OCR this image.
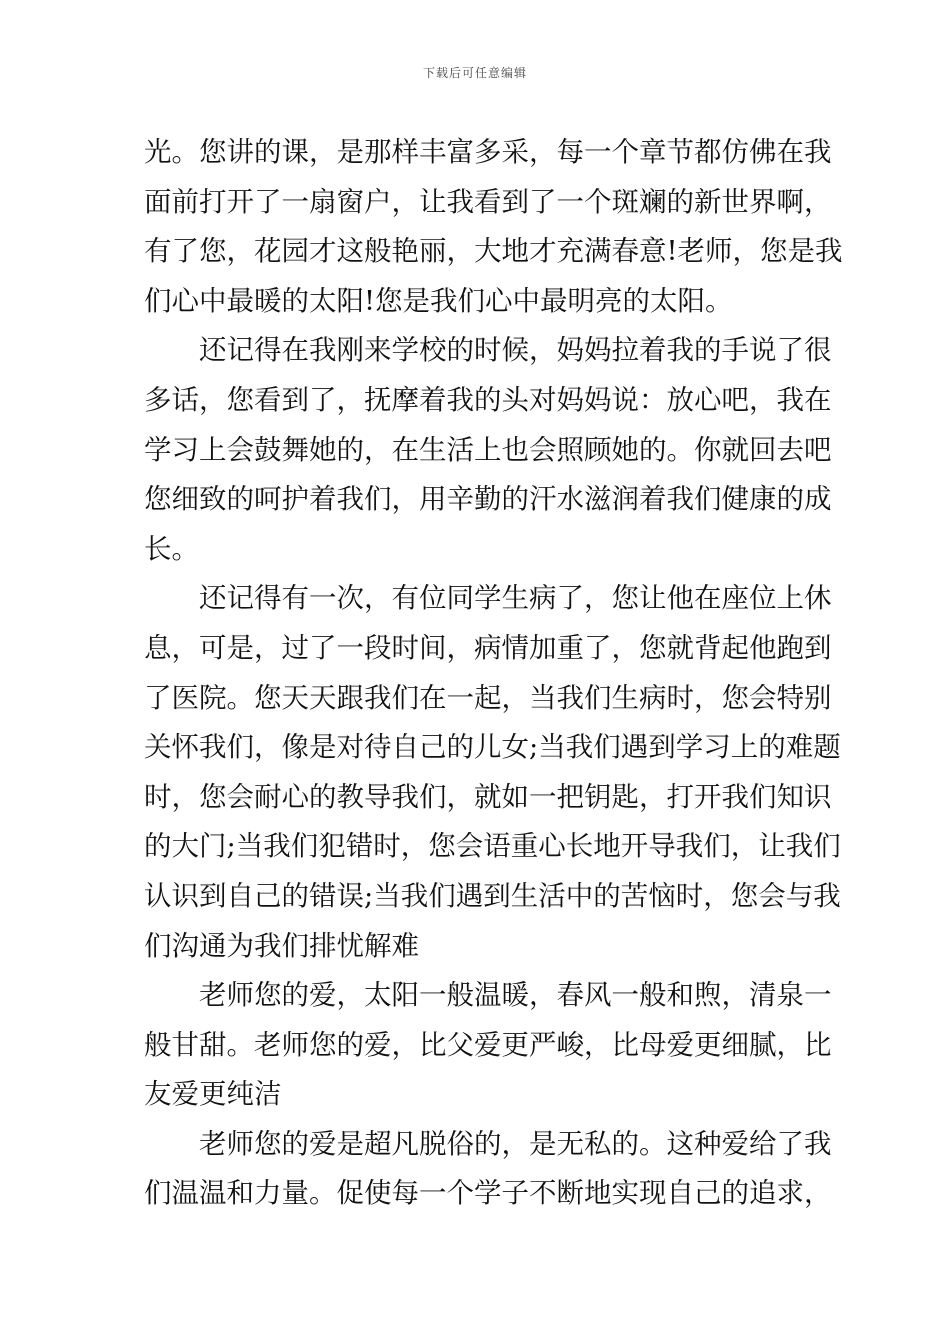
下载后可任意编辑
光。您讲的课，是那样丰富多采，每一个章节都仿佛在我
面前打开了一扇窗户，让我看到了一个斑斓的新世界啊，
有了您，花园才这般艳丽，大地才充满春意!老师，您是我
们心中最暖的太阳!您是我们心中最明亮的太阳。
还记得在我刚来学校的时候，妈妈拉着我的手说了很
多话，您看到了，抚摩着我的头对妈妈说：放心吧，我在
学习上会鼓舞她的，在生活上也会照顾她的。你就回去吧
您细致的呵护着我们，用辛勤的汗水滋润着我们健康的成
长。
还记得有一次，有位同学生病了，您让他在座位上休
息，可是，过了一段时间，病情加重了，您就背起他跑到
了医院。您天天跟我们在一起，当我们生病时，您会特别
关怀我们，像是对待自己的儿女;当我们遇到学习上的难题
时，您会耐心的教导我们，就如一把钥匙，打开我们知识
的大门;当我们犯错时，您会语重心长地开导我们，让我们
认识到自己的错误;当我们遇到生活中的苦恼时，您会与我
们沟通为我们排忧解难
老师您的爱，太阳一般温暖，春风一般和煦，清泉一
般甘甜。老师您的爱，比父爱更严峻，比母爱更细腻，比
友爱更纯洁
老师您的爱是超凡脱俗的，是无私的。这种爱给了我
们温温和力量。促使每一个学子不断地实现自己的追求，
